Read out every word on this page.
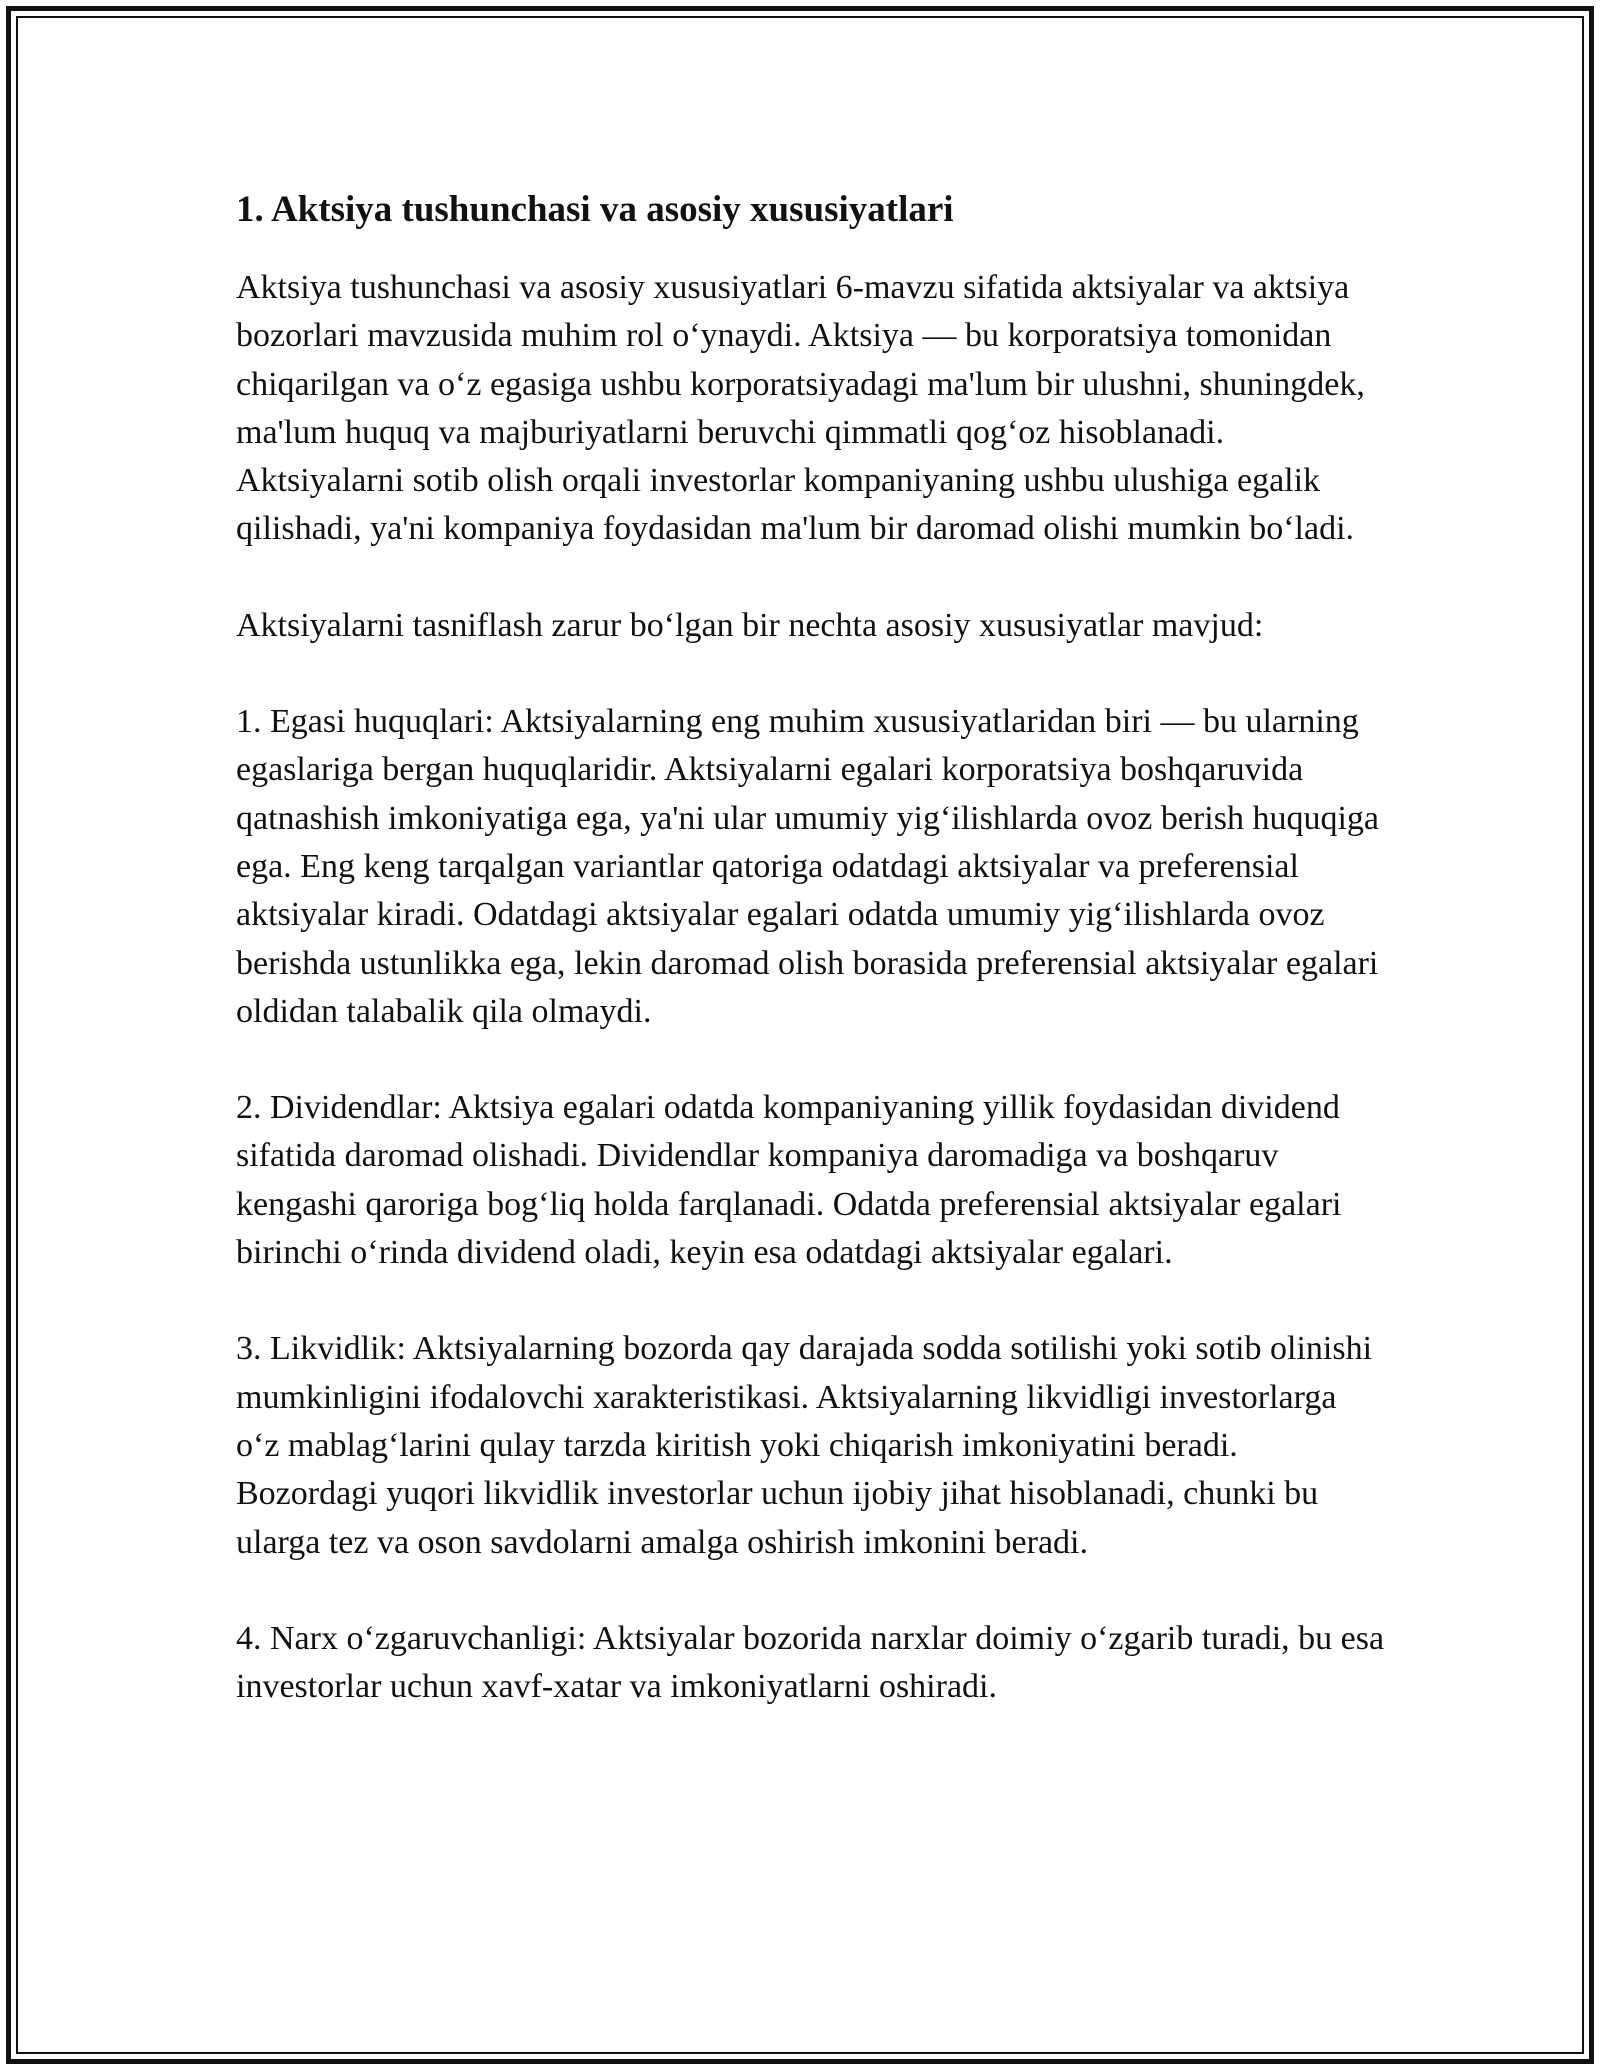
1. Aktsiya tushunchasi va asosiy xususiyatlari

Aktsiya tushunchasi va asosiy xususiyatlari 6-mavzu sifatida aktsiyalar va aktsiya bozorlari mavzusida muhim rol o‘ynaydi. Aktsiya — bu korporatsiya tomonidan chiqarilgan va o‘z egasiga ushbu korporatsiyadagi ma'lum bir ulushni, shuningdek, ma'lum huquq va majburiyatlarni beruvchi qimmatli qog‘oz hisoblanadi. Aktsiyalarni sotib olish orqali investorlar kompaniyaning ushbu ulushiga egalik qilishadi, ya'ni kompaniya foydasidan ma'lum bir daromad olishi mumkin bo‘ladi.

Aktsiyalarni tasniflash zarur bo‘lgan bir nechta asosiy xususiyatlar mavjud:

1. Egasi huquqlari: Aktsiyalarning eng muhim xususiyatlaridan biri — bu ularning egaslariga bergan huquqlaridir. Aktsiyalarni egalari korporatsiya boshqaruvida qatnashish imkoniyatiga ega, ya'ni ular umumiy yig‘ilishlarda ovoz berish huquqiga ega. Eng keng tarqalgan variantlar qatoriga odatdagi aktsiyalar va preferensial aktsiyalar kiradi. Odatdagi aktsiyalar egalari odatda umumiy yig‘ilishlarda ovoz berishda ustunlikka ega, lekin daromad olish borasida preferensial aktsiyalar egalari oldidan talabalik qila olmaydi.

2. Dividendlar: Aktsiya egalari odatda kompaniyaning yillik foydasidan dividend sifatida daromad olishadi. Dividendlar kompaniya daromadiga va boshqaruv kengashi qaroriga bog‘liq holda farqlanadi. Odatda preferensial aktsiyalar egalari birinchi o‘rinda dividend oladi, keyin esa odatdagi aktsiyalar egalari.

3. Likvidlik: Aktsiyalarning bozorda qay darajada sodda sotilishi yoki sotib olinishi mumkinligini ifodalovchi xarakteristikasi. Aktsiyalarning likvidligi investorlarga o‘z mablag‘larini qulay tarzda kiritish yoki chiqarish imkoniyatini beradi. Bozordagi yuqori likvidlik investorlar uchun ijobiy jihat hisoblanadi, chunki bu ularga tez va oson savdolarni amalga oshirish imkonini beradi.

4. Narx o‘zgaruvchanligi: Aktsiyalar bozorida narxlar doimiy o‘zgarib turadi, bu esa investorlar uchun xavf-xatar va imkoniyatlarni oshiradi.
